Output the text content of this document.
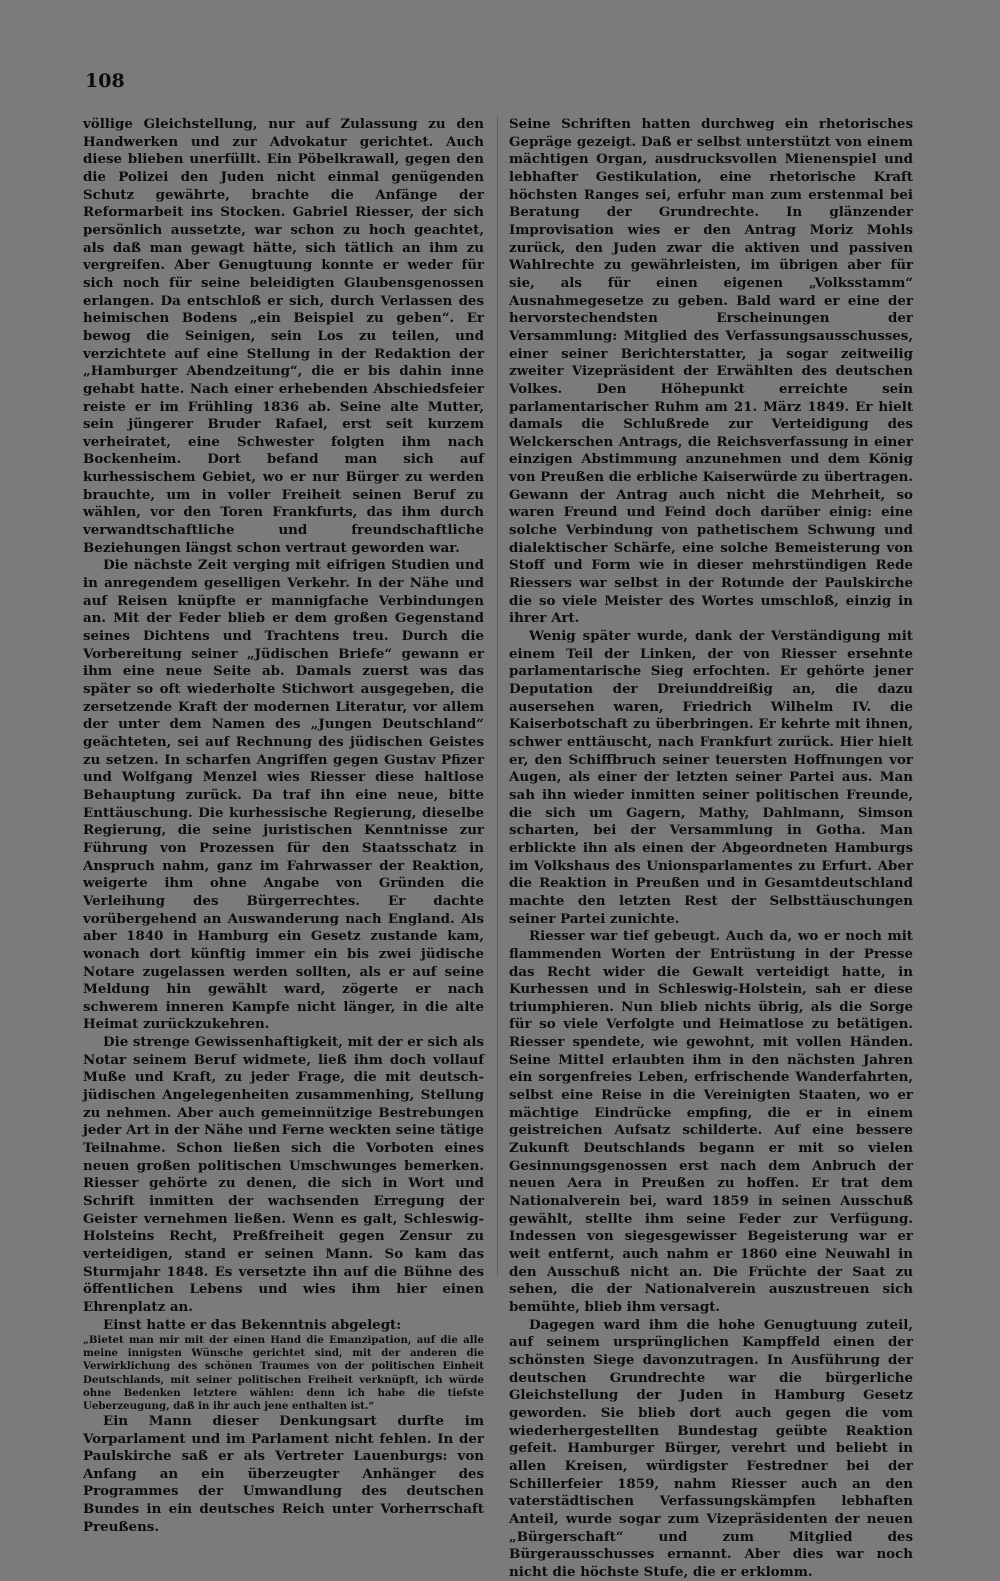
108

völlige Gleichstellung, nur auf Zulassung zu den Handwerken und zur Advokatur gerichtet. Auch diese blieben unerfüllt. Ein Pöbelkrawall, gegen den die Polizei den Juden nicht einmal genügenden Schutz gewährte, brachte die Anfänge der Reformarbeit ins Stocken. Gabriel Riesser, der sich persönlich aussetzte, war schon zu hoch geachtet, als daß man gewagt hätte, sich tätlich an ihm zu vergreifen. Aber Genugtuung konnte er weder für sich noch für seine beleidigten Glaubensgenossen erlangen. Da entschloß er sich, durch Verlassen des heimischen Bodens „ein Beispiel zu geben“. Er bewog die Seinigen, sein Los zu teilen, und verzichtete auf eine Stellung in der Redaktion der „Hamburger Abendzeitung“, die er bis dahin inne gehabt hatte. Nach einer erhebenden Abschiedsfeier reiste er im Frühling 1836 ab. Seine alte Mutter, sein jüngerer Bruder Rafael, erst seit kurzem verheiratet, eine Schwester folgten ihm nach Bockenheim. Dort befand man sich auf kurhessischem Gebiet, wo er nur Bürger zu werden brauchte, um in voller Freiheit seinen Beruf zu wählen, vor den Toren Frankfurts, das ihm durch verwandtschaftliche und freundschaftliche Beziehungen längst schon vertraut geworden war.

Die nächste Zeit verging mit eifrigen Studien und in anregendem geselligen Verkehr. In der Nähe und auf Reisen knüpfte er mannigfache Verbindungen an. Mit der Feder blieb er dem großen Gegenstand seines Dichtens und Trachtens treu. Durch die Vorbereitung seiner „Jüdischen Briefe“ gewann er ihm eine neue Seite ab. Damals zuerst was das später so oft wiederholte Stichwort ausgegeben, die zersetzende Kraft der modernen Literatur, vor allem der unter dem Namen des „Jungen Deutschland“ geächteten, sei auf Rechnung des jüdischen Geistes zu setzen. In scharfen Angriffen gegen Gustav Pfizer und Wolfgang Menzel wies Riesser diese haltlose Behauptung zurück. Da traf ihn eine neue, bitte Enttäuschung. Die kurhessische Regierung, dieselbe Regierung, die seine juristischen Kenntnisse zur Führung von Prozessen für den Staatsschatz in Anspruch nahm, ganz im Fahrwasser der Reaktion, weigerte ihm ohne Angabe von Gründen die Verleihung des Bürgerrechtes. Er dachte vorübergehend an Auswanderung nach England. Als aber 1840 in Hamburg ein Gesetz zustande kam, wonach dort künftig immer ein bis zwei jüdische Notare zugelassen werden sollten, als er auf seine Meldung hin gewählt ward, zögerte er nach schwerem inneren Kampfe nicht länger, in die alte Heimat zurückzukehren.

Die strenge Gewissenhaftigkeit, mit der er sich als Notar seinem Beruf widmete, ließ ihm doch vollauf Muße und Kraft, zu jeder Frage, die mit deutsch-jüdischen Angelegenheiten zusammenhing, Stellung zu nehmen. Aber auch gemeinnützige Bestrebungen jeder Art in der Nähe und Ferne weckten seine tätige Teilnahme. Schon ließen sich die Vorboten eines neuen großen politischen Umschwunges bemerken. Riesser gehörte zu denen, die sich in Wort und Schrift inmitten der wachsenden Erregung der Geister vernehmen ließen. Wenn es galt, Schleswig-Holsteins Recht, Preßfreiheit gegen Zensur zu verteidigen, stand er seinen Mann. So kam das Sturmjahr 1848. Es versetzte ihn auf die Bühne des öffentlichen Lebens und wies ihm hier einen Ehrenplatz an.

Einst hatte er das Bekenntnis abgelegt:

„Bietet man mir mit der einen Hand die Emanzipation, auf die alle meine innigsten Wünsche gerichtet sind, mit der anderen die Verwirklichung des schönen Traumes von der politischen Einheit Deutschlands, mit seiner politischen Freiheit verknüpft, ich würde ohne Bedenken letztere wählen: denn ich habe die tiefste Ueberzeugung, daß in ihr auch jene enthalten ist.“

Ein Mann dieser Denkungsart durfte im Vorparlament und im Parlament nicht fehlen. In der Paulskirche saß er als Vertreter Lauenburgs: von Anfang an ein überzeugter Anhänger des Programmes der Umwandlung des deutschen Bundes in ein deutsches Reich unter Vorherrschaft Preußens.

Seine Schriften hatten durchweg ein rhetorisches Gepräge gezeigt. Daß er selbst unterstützt von einem mächtigen Organ, ausdrucksvollen Mienenspiel und lebhafter Gestikulation, eine rhetorische Kraft höchsten Ranges sei, erfuhr man zum erstenmal bei Beratung der Grundrechte. In glänzender Improvisation wies er den Antrag Moriz Mohls zurück, den Juden zwar die aktiven und passiven Wahlrechte zu gewährleisten, im übrigen aber für sie, als für einen eigenen „Volksstamm“ Ausnahmegesetze zu geben. Bald ward er eine der hervorstechendsten Erscheinungen der Versammlung: Mitglied des Verfassungsausschusses, einer seiner Berichterstatter, ja sogar zeitweilig zweiter Vizepräsident der Erwählten des deutschen Volkes. Den Höhepunkt erreichte sein parlamentarischer Ruhm am 21. März 1849. Er hielt damals die Schlußrede zur Verteidigung des Welckerschen Antrags, die Reichsverfassung in einer einzigen Abstimmung anzunehmen und dem König von Preußen die erbliche Kaiserwürde zu übertragen. Gewann der Antrag auch nicht die Mehrheit, so waren Freund und Feind doch darüber einig: eine solche Verbindung von pathetischem Schwung und dialektischer Schärfe, eine solche Bemeisterung von Stoff und Form wie in dieser mehrstündigen Rede Riessers war selbst in der Rotunde der Paulskirche die so viele Meister des Wortes umschloß, einzig in ihrer Art.

Wenig später wurde, dank der Verständigung mit einem Teil der Linken, der von Riesser ersehnte parlamentarische Sieg erfochten. Er gehörte jener Deputation der Dreiunddreißig an, die dazu ausersehen waren, Friedrich Wilhelm IV. die Kaiserbotschaft zu überbringen. Er kehrte mit ihnen, schwer enttäuscht, nach Frankfurt zurück. Hier hielt er, den Schiffbruch seiner teuersten Hoffnungen vor Augen, als einer der letzten seiner Partei aus. Man sah ihn wieder inmitten seiner politischen Freunde, die sich um Gagern, Mathy, Dahlmann, Simson scharten, bei der Versammlung in Gotha. Man erblickte ihn als einen der Abgeordneten Hamburgs im Volkshaus des Unionsparlamentes zu Erfurt. Aber die Reaktion in Preußen und in Gesamtdeutschland machte den letzten Rest der Selbsttäuschungen seiner Partei zunichte.

Riesser war tief gebeugt. Auch da, wo er noch mit flammenden Worten der Entrüstung in der Presse das Recht wider die Gewalt verteidigt hatte, in Kurhessen und in Schleswig-Holstein, sah er diese triumphieren. Nun blieb nichts übrig, als die Sorge für so viele Verfolgte und Heimatlose zu betätigen. Riesser spendete, wie gewohnt, mit vollen Händen. Seine Mittel erlaubten ihm in den nächsten Jahren ein sorgenfreies Leben, erfrischende Wanderfahrten, selbst eine Reise in die Vereinigten Staaten, wo er mächtige Eindrücke empfing, die er in einem geistreichen Aufsatz schilderte. Auf eine bessere Zukunft Deutschlands begann er mit so vielen Gesinnungsgenossen erst nach dem Anbruch der neuen Aera in Preußen zu hoffen. Er trat dem Nationalverein bei, ward 1859 in seinen Ausschuß gewählt, stellte ihm seine Feder zur Verfügung. Indessen von siegesgewisser Begeisterung war er weit entfernt, auch nahm er 1860 eine Neuwahl in den Ausschuß nicht an. Die Früchte der Saat zu sehen, die der Nationalverein auszustreuen sich bemühte, blieb ihm versagt.

Dagegen ward ihm die hohe Genugtuung zuteil, auf seinem ursprünglichen Kampffeld einen der schönsten Siege davonzutragen. In Ausführung der deutschen Grundrechte war die bürgerliche Gleichstellung der Juden in Hamburg Gesetz geworden. Sie blieb dort auch gegen die vom wiederhergestellten Bundestag geübte Reaktion gefeit. Hamburger Bürger, verehrt und beliebt in allen Kreisen, würdigster Festredner bei der Schillerfeier 1859, nahm Riesser auch an den vaterstädtischen Verfassungskämpfen lebhaften Anteil, wurde sogar zum Vizepräsidenten der neuen „Bürgerschaft“ und zum Mitglied des Bürgerausschusses ernannt. Aber dies war noch nicht die höchste Stufe, die er erklomm.
